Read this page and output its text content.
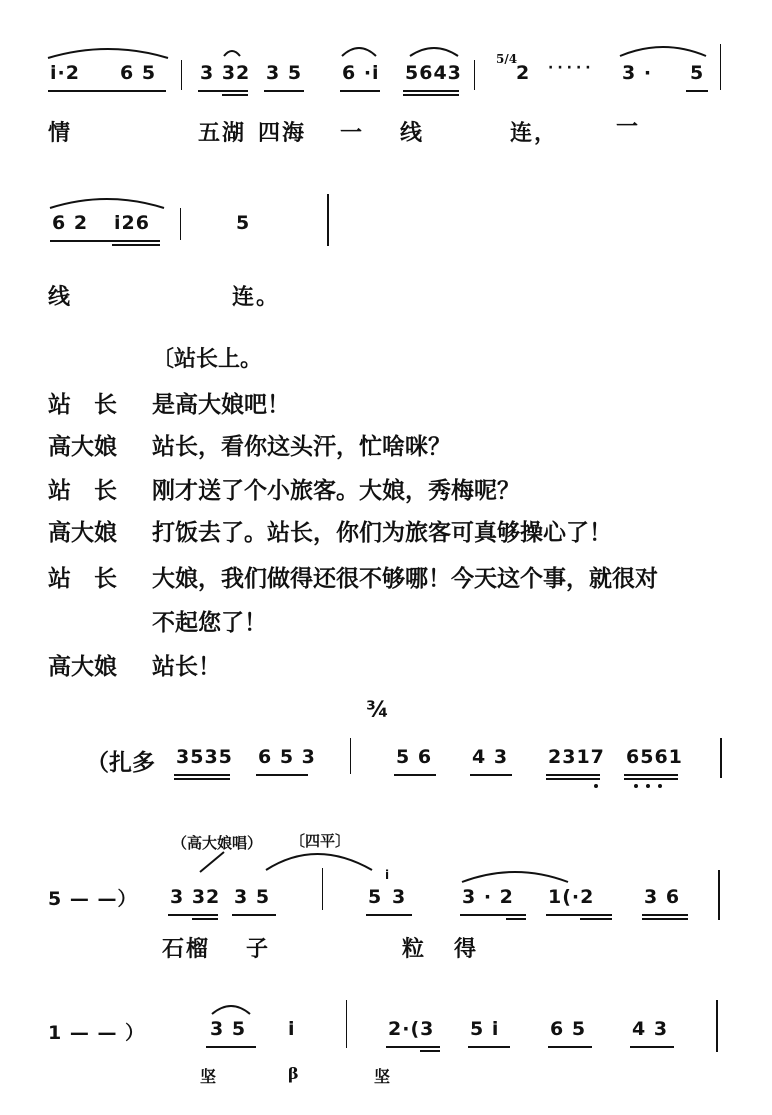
i·2 6 5 3 32 3 5 6 ·i 5643
5/4
2 ····· 3 · 5
情	五湖 四海 一 线	连，	一
6 2 i26	5
线	连。
〔站长上。
站　长 是高大娘吧！
高大娘 站长，看你这头汗，忙啥咪？
站　长 刚才送了个小旅客。大娘，秀梅呢？
高大娘 打饭去了。站长，你们为旅客可真够操心了！
站　长 大娘，我们做得还很不够哪！今天这个事，就很对
不起您了！
高大娘 站长！
¾
（扎多 3535 6 5 3	5 6 4 3 2317 6561
（高大娘唱） 〔四平〕
5 — —） 3 32 3 5	5
i
3	3 · 2 1(·2	3 6
石榴 子	粒 得
1 — — ）	3 5 i	2·(3 5 i	6 5 4 3
坚	β	坚
